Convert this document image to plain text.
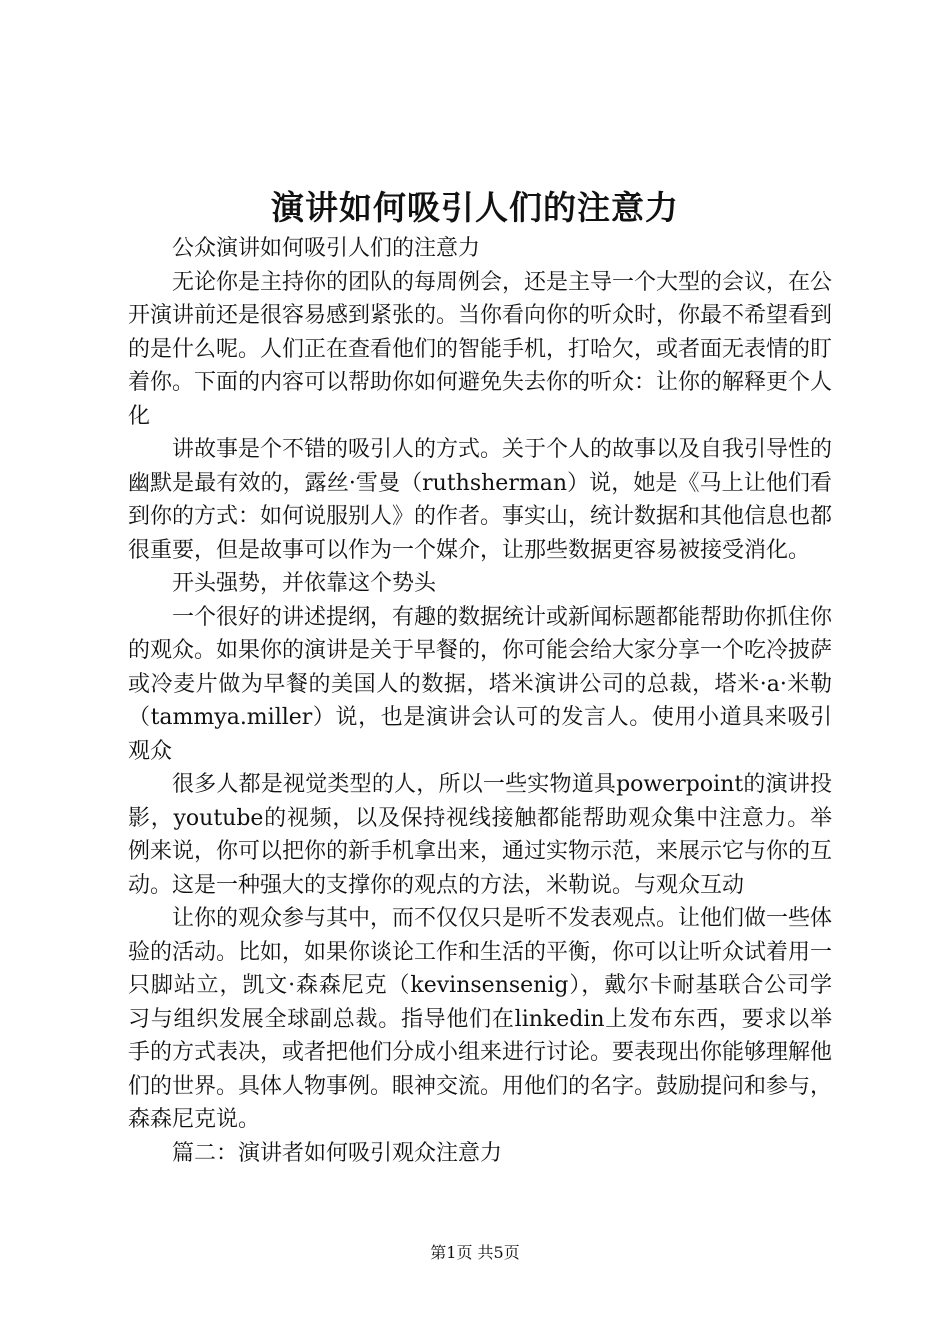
演讲如何吸引人们的注意力

公众演讲如何吸引人们的注意力

无论你是主持你的团队的每周例会，还是主导一个大型的会议，在公开演讲前还是很容易感到紧张的。当你看向你的听众时，你最不希望看到的是什么呢。人们正在查看他们的智能手机，打哈欠，或者面无表情的盯着你。下面的内容可以帮助你如何避免失去你的听众：让你的解释更个人化

讲故事是个不错的吸引人的方式。关于个人的故事以及自我引导性的幽默是最有效的，露丝·雪曼（ruthsherman）说，她是《马上让他们看到你的方式：如何说服别人》的作者。事实山，统计数据和其他信息也都很重要，但是故事可以作为一个媒介，让那些数据更容易被接受消化。

开头强势，并依靠这个势头

一个很好的讲述提纲，有趣的数据统计或新闻标题都能帮助你抓住你的观众。如果你的演讲是关于早餐的，你可能会给大家分享一个吃冷披萨或冷麦片做为早餐的美国人的数据，塔米演讲公司的总裁，塔米·a·米勒（tammya.miller）说，也是演讲会认可的发言人。使用小道具来吸引观众

很多人都是视觉类型的人，所以一些实物道具powerpoint的演讲投影，youtube的视频，以及保持视线接触都能帮助观众集中注意力。举例来说，你可以把你的新手机拿出来，通过实物示范，来展示它与你的互动。这是一种强大的支撑你的观点的方法，米勒说。与观众互动

让你的观众参与其中，而不仅仅只是听不发表观点。让他们做一些体验的活动。比如，如果你谈论工作和生活的平衡，你可以让听众试着用一只脚站立，凯文·森森尼克（kevinsensenig），戴尔卡耐基联合公司学习与组织发展全球副总裁。指导他们在linkedin上发布东西，要求以举手的方式表决，或者把他们分成小组来进行讨论。要表现出你能够理解他们的世界。具体人物事例。眼神交流。用他们的名字。鼓励提问和参与，森森尼克说。

篇二：演讲者如何吸引观众注意力

第1页 共5页
